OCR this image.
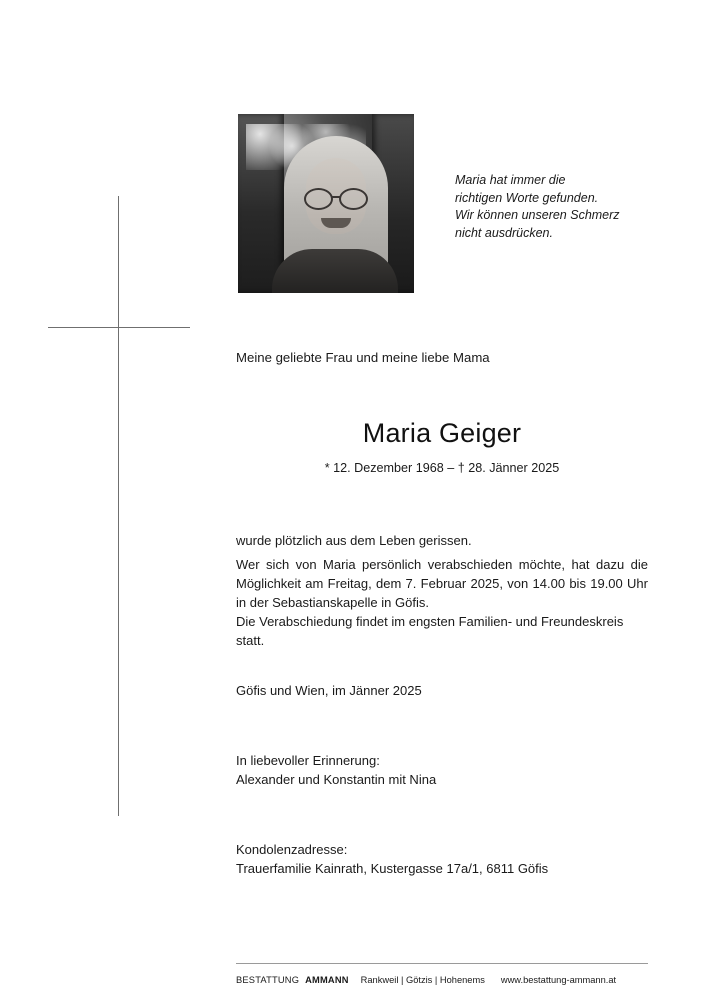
Maria hat immer die
richtigen Worte gefunden.
Wir können unseren Schmerz
nicht ausdrücken.
Meine geliebte Frau und meine liebe Mama
Maria Geiger
* 12. Dezember 1968 – † 28. Jänner 2025
wurde plötzlich aus dem Leben gerissen.
Wer sich von Maria persönlich verabschieden möchte, hat dazu die Möglichkeit am Freitag, dem 7. Februar 2025, von 14.00 bis 19.00 Uhr in der Sebastianskapelle in Göfis.
Die Verabschiedung findet im engsten Familien- und Freundeskreis statt.
Göfis und Wien, im Jänner 2025
In liebevoller Erinnerung:
Alexander und Konstantin mit Nina
Kondolenzadresse:
Trauerfamilie Kainrath, Kustergasse 17a/1, 6811 Göfis
BESTATTUNG AMMANN Rankweil | Götzis | Hohenems www.bestattung-ammann.at
